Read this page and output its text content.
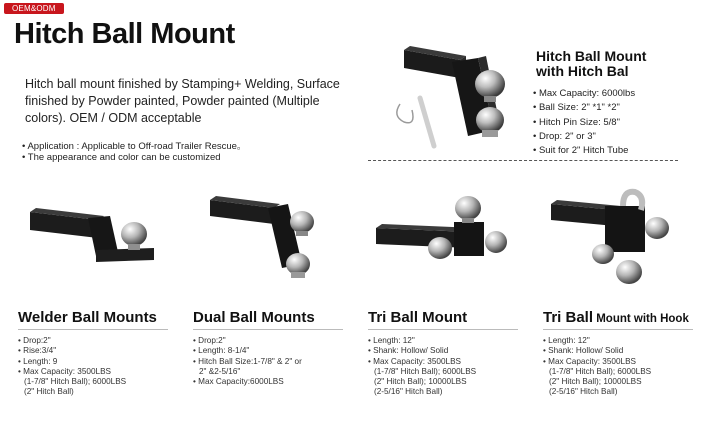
OEM&ODM
Hitch Ball Mount
Hitch ball mount finished by Stamping+ Welding, Surface finished by Powder painted, Powder painted (Multiple colors). OEM / ODM acceptable
• Application : Applicable to Off-road Trailer Rescue。
• The appearance and color can be customized
Hitch Ball Mount
with Hitch Bal
• Max Capacity: 6000lbs
• Ball Size: 2" *1" *2"
• Hitch Pin Size: 5/8"
• Drop: 2" or 3"
• Suit for 2" Hitch Tube
Welder Ball Mounts Dual Ball Mounts	Tri Ball Mount	Tri Ball Mount with Hook
• Drop:2"
• Rise:3/4"
• Length: 9
• Max Capacity: 3500LBS
(1-7/8" Hitch Ball); 6000LBS
(2" Hitch Ball)
• Drop:2"
• Length: 8-1/4"
• Hitch Ball Size:1-7/8" & 2" or
2" &2-5/16"
• Max Capacity:6000LBS
• Length: 12"
• Shank: Hollow/ Solid
• Max Capacity: 3500LBS
(1-7/8" Hitch Ball); 6000LBS
(2" Hitch Ball); 10000LBS
(2-5/16" Hitch Ball)
• Length: 12"
• Shank: Hollow/ Solid
• Max Capacity: 3500LBS
(1-7/8" Hitch Ball); 6000LBS
(2" Hitch Ball); 10000LBS
(2-5/16" Hitch Ball)
